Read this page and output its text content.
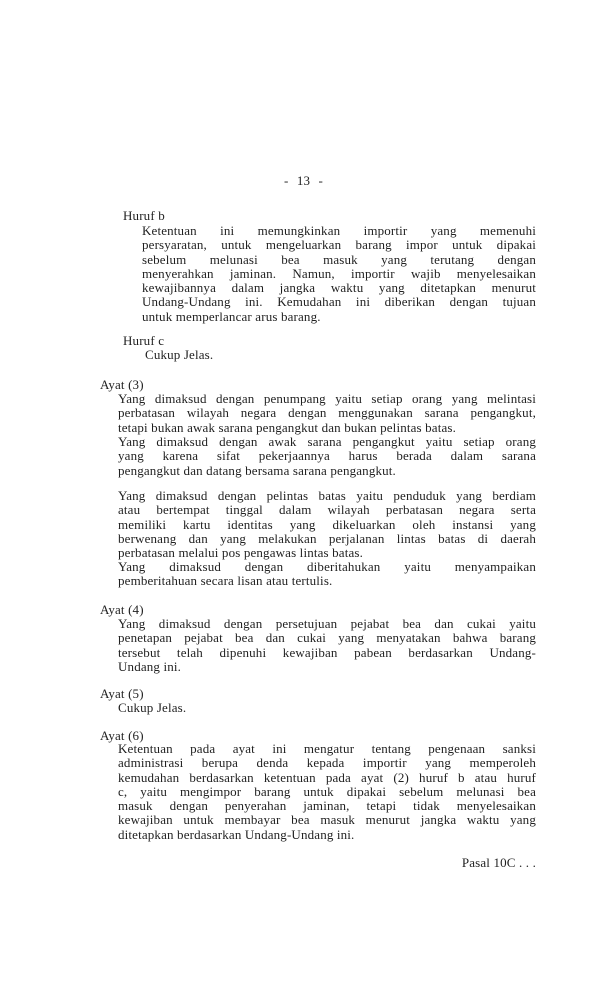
- 13 -
Huruf b
Ketentuan ini memungkinkan importir yang memenuhi
persyaratan, untuk mengeluarkan barang impor untuk dipakai
sebelum melunasi bea masuk yang terutang dengan
menyerahkan jaminan. Namun, importir wajib menyelesaikan
kewajibannya dalam jangka waktu yang ditetapkan menurut
Undang-Undang ini. Kemudahan ini diberikan dengan tujuan
untuk memperlancar arus barang.
Huruf c
Cukup Jelas.
Ayat (3)
Yang dimaksud dengan penumpang yaitu setiap orang yang melintasi
perbatasan wilayah negara dengan menggunakan sarana pengangkut,
tetapi bukan awak sarana pengangkut dan bukan pelintas batas.
Yang dimaksud dengan awak sarana pengangkut yaitu setiap orang
yang karena sifat pekerjaannya harus berada dalam sarana
pengangkut dan datang bersama sarana pengangkut.
Yang dimaksud dengan pelintas batas yaitu penduduk yang berdiam
atau bertempat tinggal dalam wilayah perbatasan negara serta
memiliki kartu identitas yang dikeluarkan oleh instansi yang
berwenang dan yang melakukan perjalanan lintas batas di daerah
perbatasan melalui pos pengawas lintas batas.
Yang dimaksud dengan diberitahukan yaitu menyampaikan
pemberitahuan secara lisan atau tertulis.
Ayat (4)
Yang dimaksud dengan persetujuan pejabat bea dan cukai yaitu
penetapan pejabat bea dan cukai yang menyatakan bahwa barang
tersebut telah dipenuhi kewajiban pabean berdasarkan Undang-
Undang ini.
Ayat (5)
Cukup Jelas.
Ayat (6)
Ketentuan pada ayat ini mengatur tentang pengenaan sanksi
administrasi berupa denda kepada importir yang memperoleh
kemudahan berdasarkan ketentuan pada ayat (2) huruf b atau huruf
c, yaitu mengimpor barang untuk dipakai sebelum melunasi bea
masuk dengan penyerahan jaminan, tetapi tidak menyelesaikan
kewajiban untuk membayar bea masuk menurut jangka waktu yang
ditetapkan berdasarkan Undang-Undang ini.
Pasal 10C . . .
